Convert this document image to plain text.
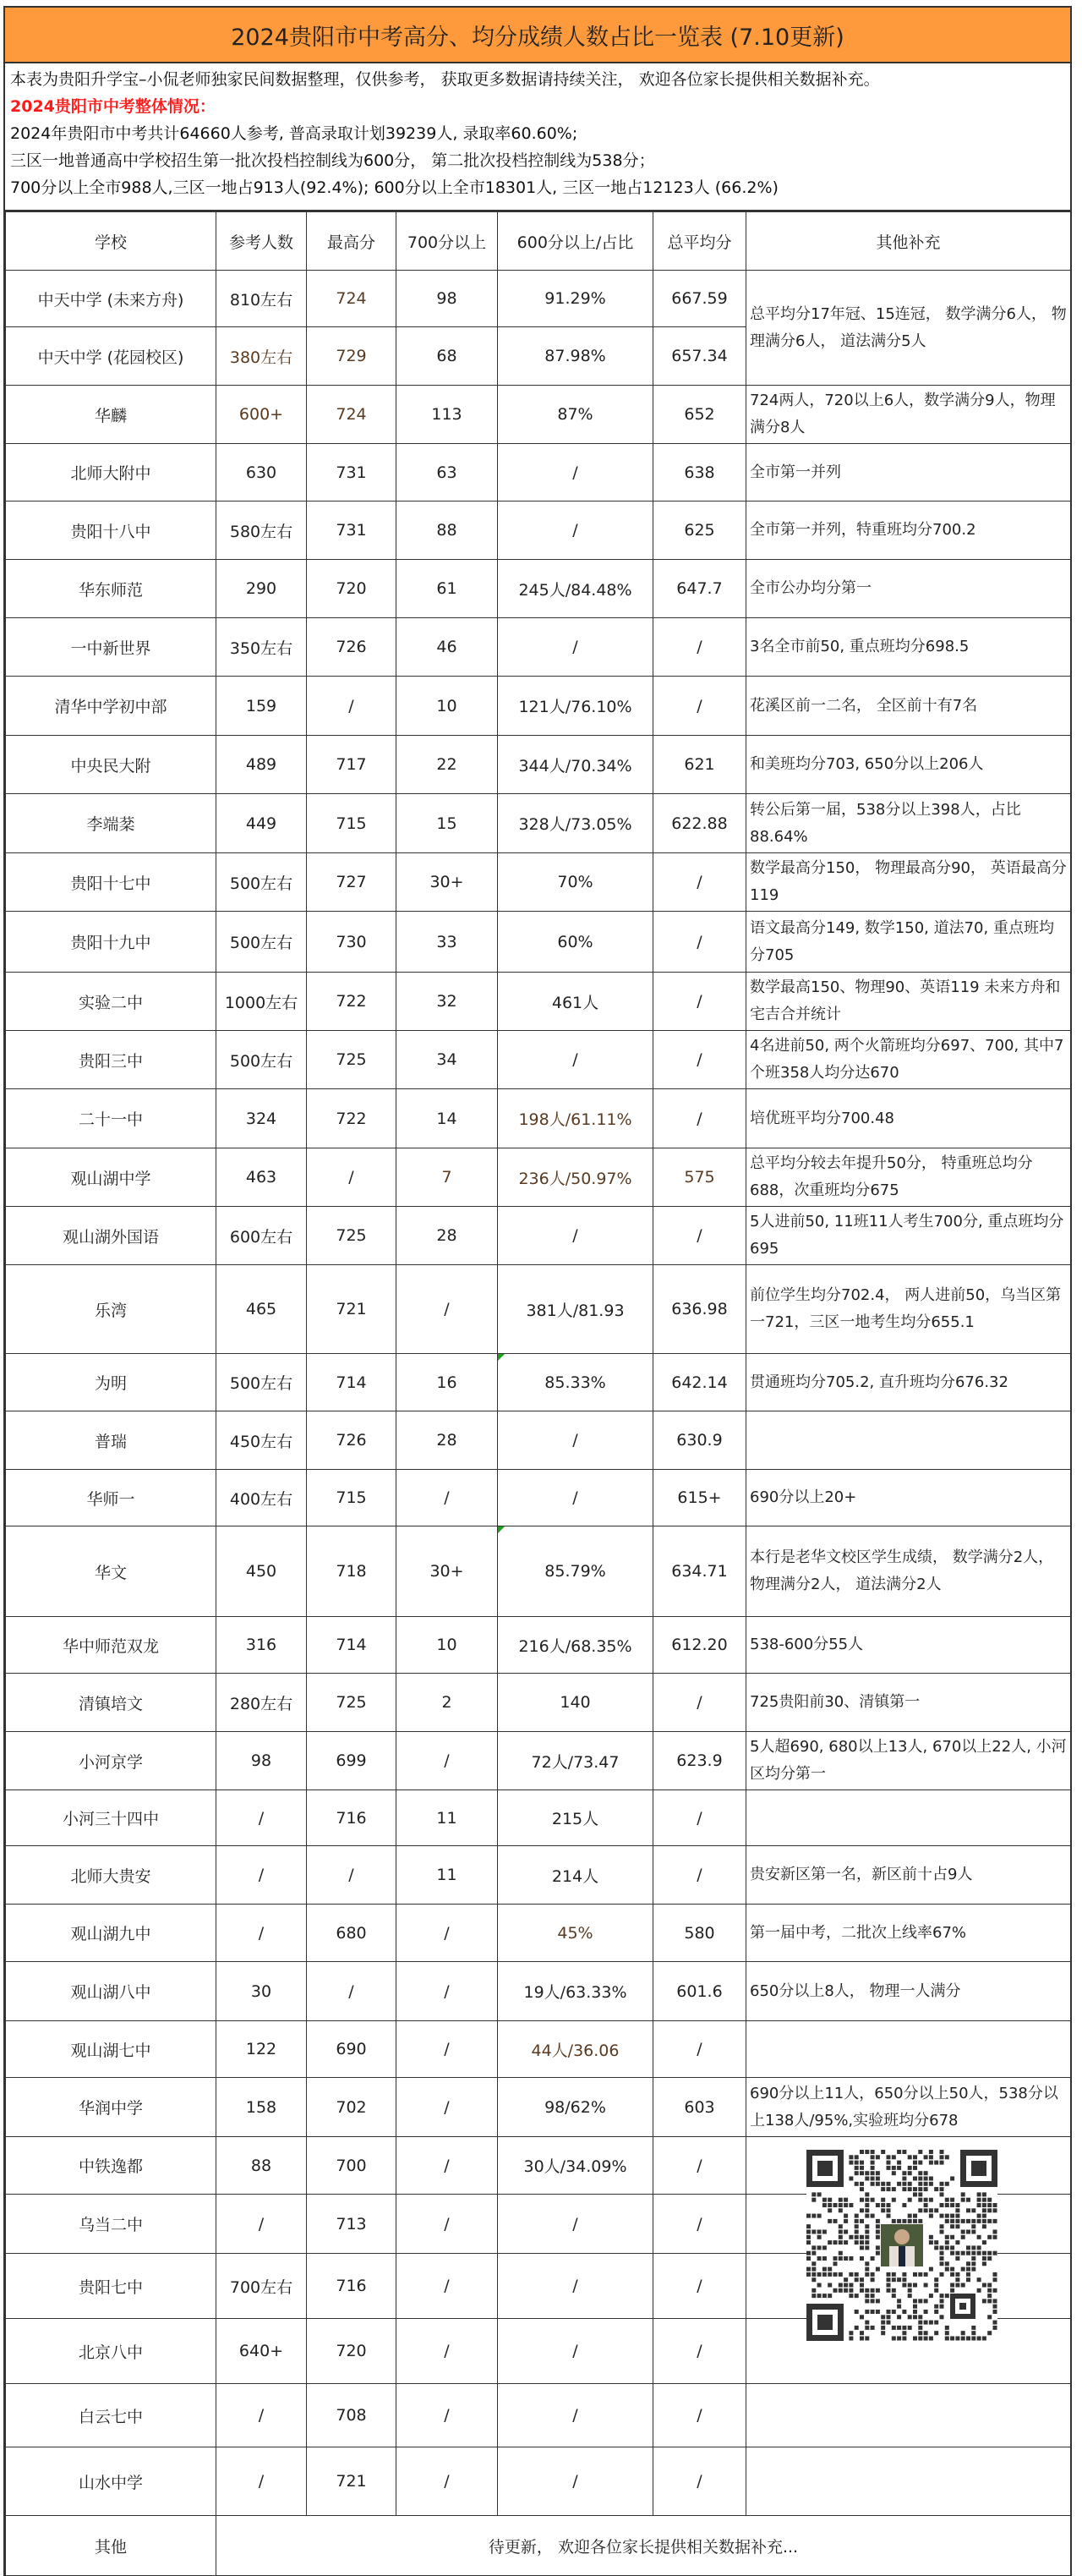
2024贵阳市中考高分、均分成绩人数占比一览表 (7.10更新)
本表为贵阳升学宝–小侃老师独家民间数据整理，仅供参考， 获取更多数据请持续关注， 欢迎各位家长提供相关数据补充。
2024贵阳市中考整体情况：
2024年贵阳市中考共计64660人参考, 普高录取计划39239人, 录取率60.60%;
三区一地普通高中学校招生第一批次投档控制线为600分， 第二批次投档控制线为538分；
700分以上全市988人,三区一地占913人(92.4%); 600分以上全市18301人, 三区一地占12123人 (66.2%)
学校	参考人数	最高分	700分以上	600分以上/占比	总平均分	其他补充
中天中学 (未来方舟)	810左右	724	98	91.29%	667.59	总平均分17年冠、15连冠， 数学满分6人， 物理满分6人， 道法满分5人
中天中学 (花园校区)	380左右	729	68	87.98%	657.34	
华麟	600+	724	113	87%	652	724两人，720以上6人，数学满分9人，物理满分8人
北师大附中	630	731	63	/	638	全市第一并列
贵阳十八中	580左右	731	88	/	625	全市第一并列，特重班均分700.2
华东师范	290	720	61	245人/84.48%	647.7	全市公办均分第一
一中新世界	350左右	726	46	/	/	3名全市前50, 重点班均分698.5
清华中学初中部	159	/	10	121人/76.10%	/	花溪区前一二名， 全区前十有7名
中央民大附	489	717	22	344人/70.34%	621	和美班均分703, 650分以上206人
李端棻	449	715	15	328人/73.05%	622.88	转公后第一届，538分以上398人，占比88.64%
贵阳十七中	500左右	727	30+	70%	/	数学最高分150， 物理最高分90， 英语最高分119
贵阳十九中	500左右	730	33	60%	/	语文最高分149, 数学150, 道法70, 重点班均分705
实验二中	1000左右	722	32	461人	/	数学最高150、物理90、英语119 未来方舟和宅吉合并统计
贵阳三中	500左右	725	34	/	/	4名进前50, 两个火箭班均分697、700, 其中7个班358人均分达670
二十一中	324	722	14	198人/61.11%	/	培优班平均分700.48
观山湖中学	463	/	7	236人/50.97%	575	总平均分较去年提升50分， 特重班总均分688，次重班均分675
观山湖外国语	600左右	725	28	/	/	5人进前50, 11班11人考生700分, 重点班均分695
乐湾	465	721	/	381人/81.93	636.98	前位学生均分702.4， 两人进前50，乌当区第一721，三区一地考生均分655.1
为明	500左右	714	16	85.33%	642.14	贯通班均分705.2, 直升班均分676.32
普瑞	450左右	726	28	/	630.9	
华师一	400左右	715	/	/	615+	690分以上20+
华文	450	718	30+	85.79%	634.71	本行是老华文校区学生成绩， 数学满分2人， 物理满分2人， 道法满分2人
华中师范双龙	316	714	10	216人/68.35%	612.20	538-600分55人
清镇培文	280左右	725	2	140	/	725贵阳前30、清镇第一
小河京学	98	699	/	72人/73.47	623.9	5人超690, 680以上13人, 670以上22人, 小河区均分第一
小河三十四中	/	716	11	215人	/	
北师大贵安	/	/	11	214人	/	贵安新区第一名，新区前十占9人
观山湖九中	/	680	/	45%	580	第一届中考，二批次上线率67%
观山湖八中	30	/	/	19人/63.33%	601.6	650分以上8人， 物理一人满分
观山湖七中	122	690	/	44人/36.06	/	
华润中学	158	702	/	98/62%	603	690分以上11人，650分以上50人，538分以上138人/95%,实验班均分678
中铁逸都	88	700	/	30人/34.09%	/	
乌当二中	/	713	/	/	/	
贵阳七中	700左右	716	/	/	/	
北京八中	640+	720	/	/	/	
白云七中	/	708	/	/	/	
山水中学	/	721	/	/	/	
其他	待更新， 欢迎各位家长提供相关数据补充...					
